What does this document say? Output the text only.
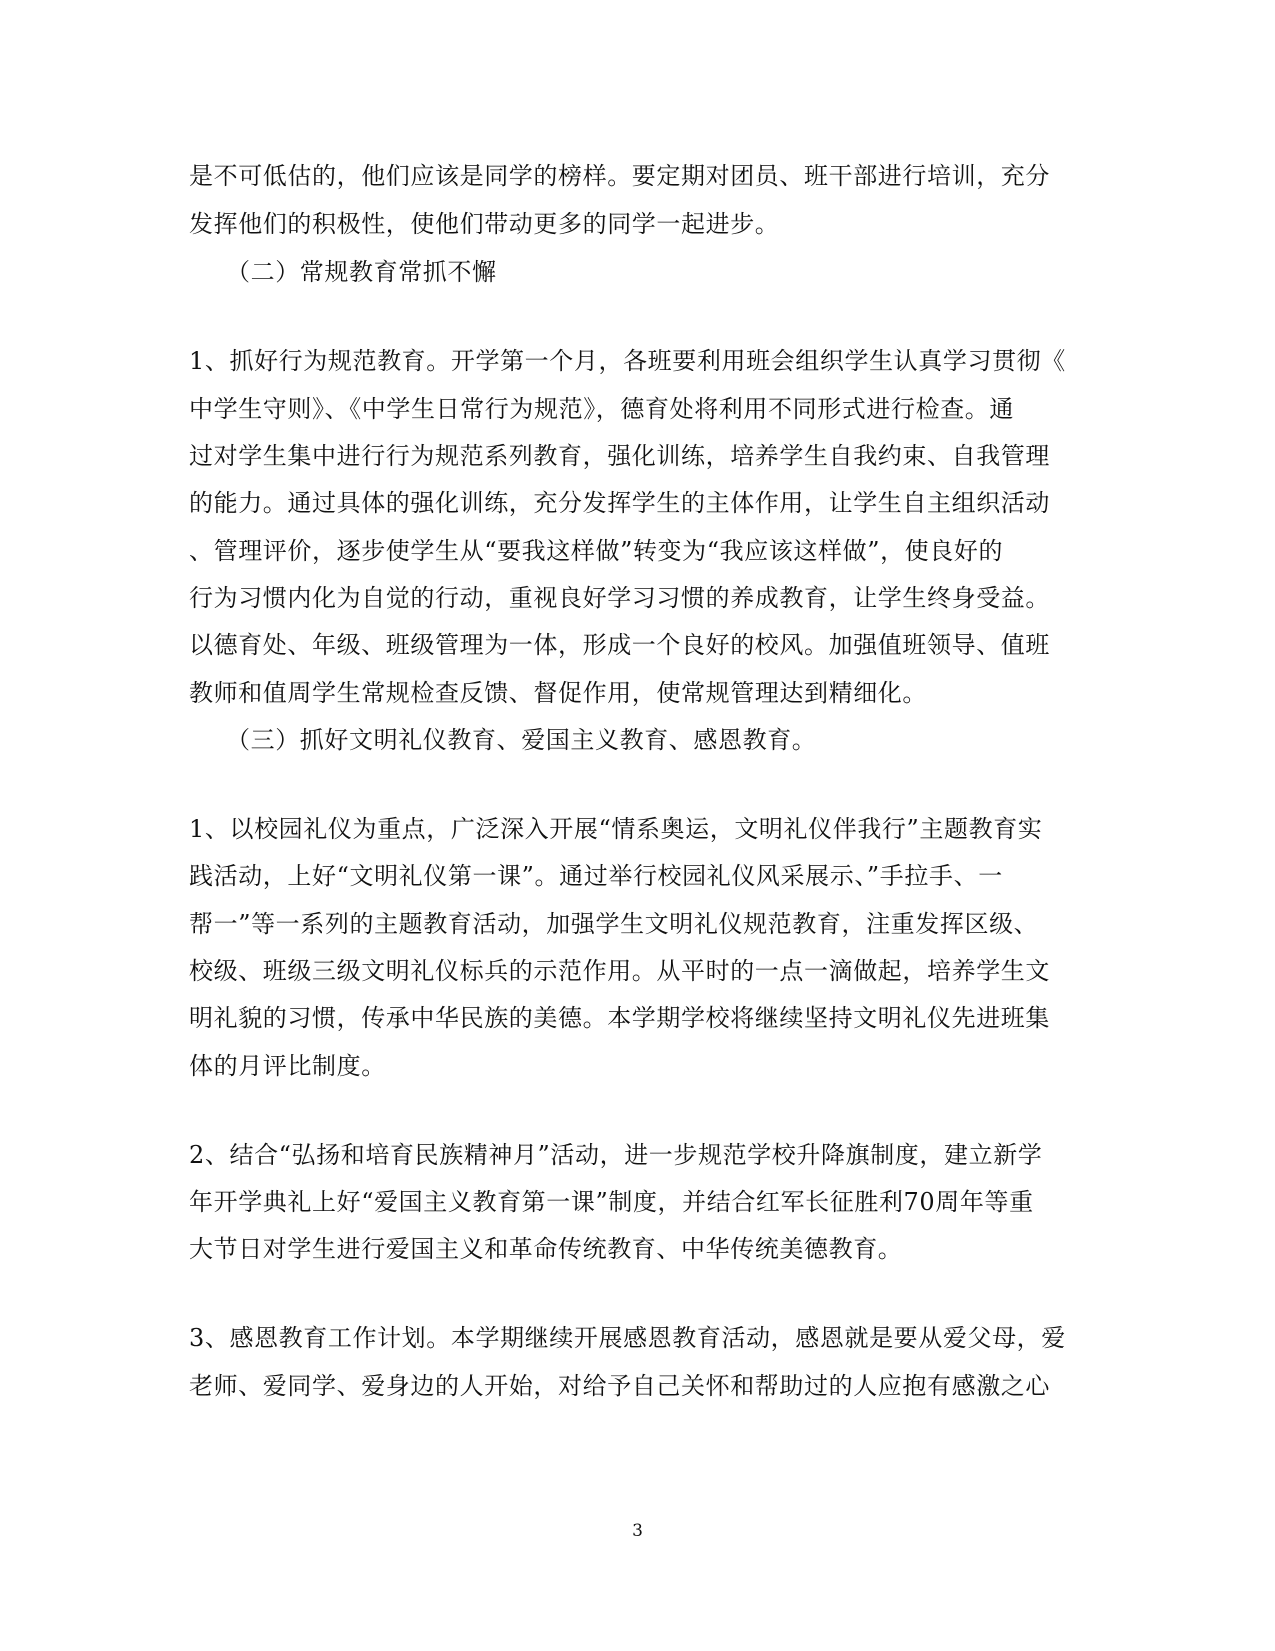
是不可低估的，他们应该是同学的榜样。要定期对团员、班干部进行培训，充分
发挥他们的积极性，使他们带动更多的同学一起进步。
（二）常规教育常抓不懈
1、抓好行为规范教育。开学第一个月，各班要利用班会组织学生认真学习贯彻《
中学生守则》、《中学生日常行为规范》，德育处将利用不同形式进行检查。通
过对学生集中进行行为规范系列教育，强化训练，培养学生自我约束、自我管理
的能力。通过具体的强化训练，充分发挥学生的主体作用，让学生自主组织活动
、管理评价，逐步使学生从“要我这样做”转变为“我应该这样做”，使良好的
行为习惯内化为自觉的行动，重视良好学习习惯的养成教育，让学生终身受益。
以德育处、年级、班级管理为一体，形成一个良好的校风。加强值班领导、值班
教师和值周学生常规检查反馈、督促作用，使常规管理达到精细化。
（三）抓好文明礼仪教育、爱国主义教育、感恩教育。
1、以校园礼仪为重点，广泛深入开展“情系奥运，文明礼仪伴我行”主题教育实
践活动，上好“文明礼仪第一课”。通过举行校园礼仪风采展示、”手拉手、一
帮一”等一系列的主题教育活动，加强学生文明礼仪规范教育，注重发挥区级、
校级、班级三级文明礼仪标兵的示范作用。从平时的一点一滴做起，培养学生文
明礼貌的习惯，传承中华民族的美德。本学期学校将继续坚持文明礼仪先进班集
体的月评比制度。
2、结合“弘扬和培育民族精神月”活动，进一步规范学校升降旗制度，建立新学
年开学典礼上好“爱国主义教育第一课”制度，并结合红军长征胜利70周年等重
大节日对学生进行爱国主义和革命传统教育、中华传统美德教育。
3、感恩教育工作计划。本学期继续开展感恩教育活动，感恩就是要从爱父母，爱
老师、爱同学、爱身边的人开始，对给予自己关怀和帮助过的人应抱有感激之心
3
